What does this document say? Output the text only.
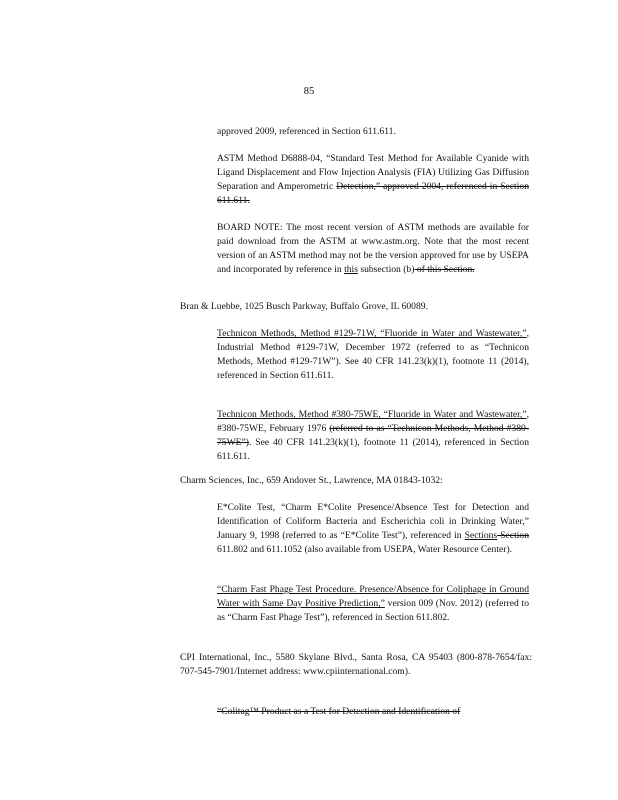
85
approved 2009, referenced in Section 611.611.
ASTM Method D6888-04, “Standard Test Method for Available Cyanide with Ligand Displacement and Flow Injection Analysis (FIA) Utilizing Gas Diffusion Separation and Amperometric Detection,” approved 2004, referenced in Section 611.611.
BOARD NOTE: The most recent version of ASTM methods are available for paid download from the ASTM at www.astm.org. Note that the most recent version of an ASTM method may not be the version approved for use by USEPA and incorporated by reference in this subsection (b) of this Section.
Bran & Luebbe, 1025 Busch Parkway, Buffalo Grove, IL 60089.
Technicon Methods, Method #129-71W, “Fluoride in Water and Wastewater,”, Industrial Method #129-71W, December 1972 (referred to as “Technicon Methods, Method #129-71W”). See 40 CFR 141.23(k)(1), footnote 11 (2014), referenced in Section 611.611.
Technicon Methods, Method #380-75WE, “Fluoride in Water and Wastewater,”, #380-75WE, February 1976 (referred to as “Technicon Methods, Method #380-75WE”). See 40 CFR 141.23(k)(1), footnote 11 (2014), referenced in Section 611.611.
Charm Sciences, Inc., 659 Andover St., Lawrence, MA 01843-1032:
E*Colite Test, “Charm E*Colite Presence/Absence Test for Detection and Identification of Coliform Bacteria and Escherichia coli in Drinking Water,” January 9, 1998 (referred to as “E*Colite Test”), referenced in Sections Section 611.802 and 611.1052 (also available from USEPA, Water Resource Center).
“Charm Fast Phage Test Procedure. Presence/Absence for Coliphage in Ground Water with Same Day Positive Prediction,” version 009 (Nov. 2012) (referred to as “Charm Fast Phage Test”), referenced in Section 611.802.
CPI International, Inc., 5580 Skylane Blvd., Santa Rosa, CA 95403 (800-878-7654/fax: 707-545-7901/Internet address: www.cpiinternational.com).
“Colitag™ Product as a Test for Detection and Identification of
